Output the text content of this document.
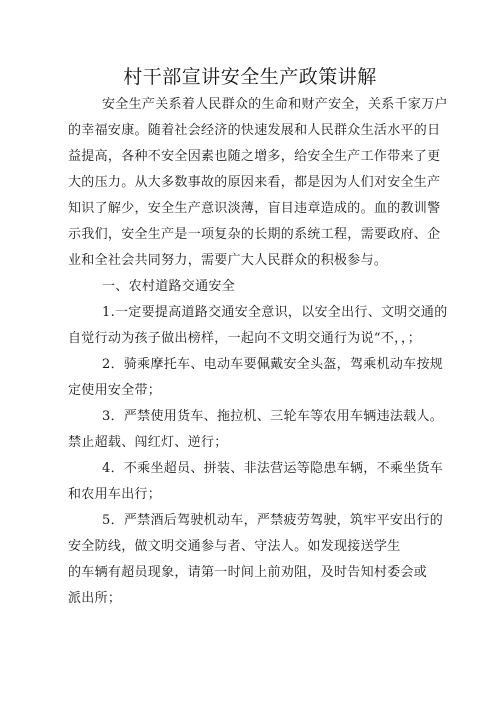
村干部宣讲安全生产政策讲解
安全生产关系着人民群众的生命和财产安全，关系千家万户
的幸福安康。随着社会经济的快速发展和人民群众生活水平的日
益提高，各种不安全因素也随之增多，给安全生产工作带来了更
大的压力。从大多数事故的原因来看，都是因为人们对安全生产
知识了解少，安全生产意识淡薄，盲目违章造成的。血的教训警
示我们，安全生产是一项复杂的长期的系统工程，需要政府、企
业和全社会共同努力，需要广大人民群众的积极参与。
一、农村道路交通安全
1.一定要提高道路交通安全意识，以安全出行、文明交通的
自觉行动为孩子做出榜样，一起向不文明交通行为说“不，，；
2．骑乘摩托车、电动车要佩戴安全头盔，驾乘机动车按规
定使用安全带；
3．严禁使用货车、拖拉机、三轮车等农用车辆违法载人。
禁止超载、闯红灯、逆行；
4．不乘坐超员、拼装、非法营运等隐患车辆，不乘坐货车
和农用车出行；
5．严禁酒后驾驶机动车，严禁疲劳驾驶，筑牢平安出行的
安全防线，做文明交通参与者、守法人。如发现接送学生
的车辆有超员现象，请第一时间上前劝阻，及时告知村委会或
派出所；
